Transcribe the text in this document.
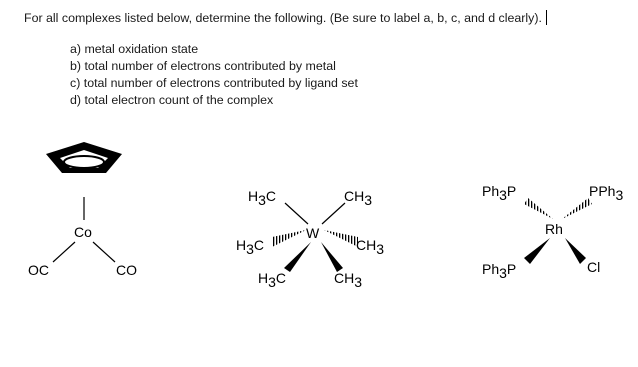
For all complexes listed below, determine the following. (Be sure to label a, b, c, and d clearly).
a) metal oxidation state
b) total number of electrons contributed by metal
c) total number of electrons contributed by ligand set
d) total electron count of the complex
Co
OC	CO
W
H3C	CH3
H3C	CH3
H3C	CH3
Rh
Ph3P	PPh3
Ph3P	Cl
